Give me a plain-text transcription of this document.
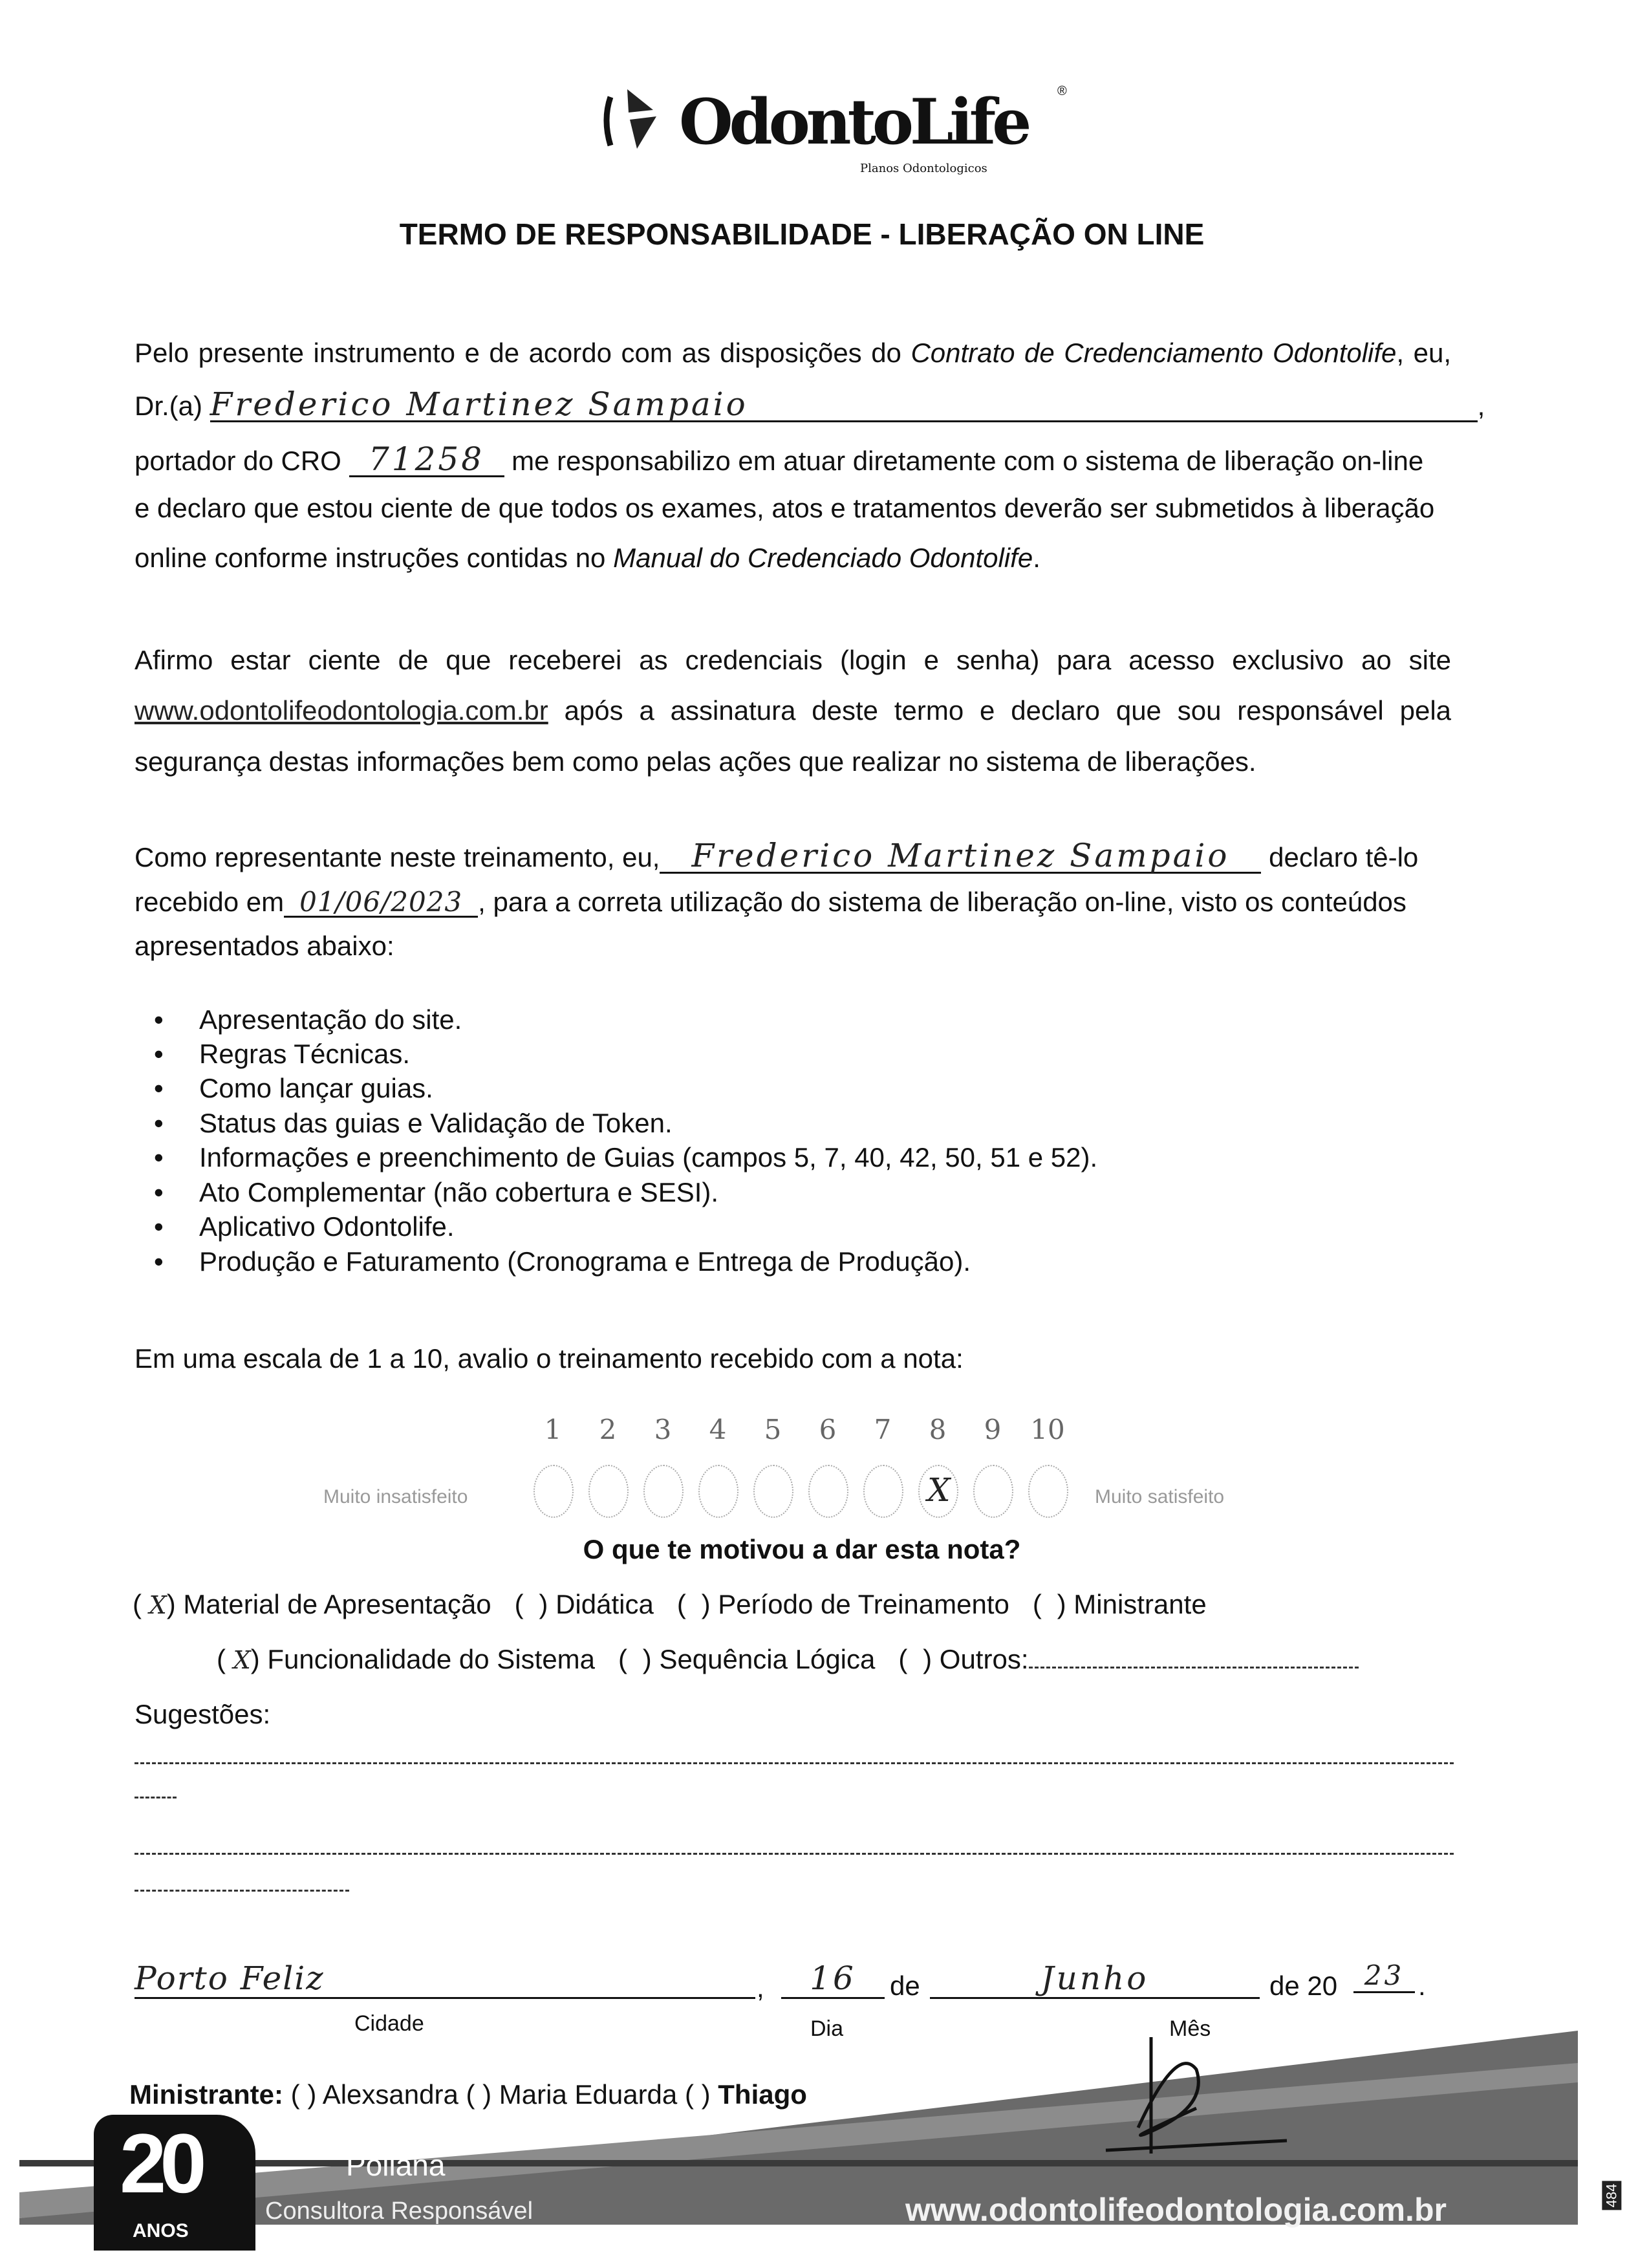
OdontoLife ®
Planos Odontologicos
TERMO DE RESPONSABILIDADE - LIBERAÇÃO ON LINE
Pelo presente instrumento e de acordo com as disposições do Contrato de Credenciamento Odontolife, eu,
Dr.(a) Frederico Martinez Sampaio	,
portador do CRO 71258 me responsabilizo em atuar diretamente com o sistema de liberação on-line
e declaro que estou ciente de que todos os exames, atos e tratamentos deverão ser submetidos à liberação
online conforme instruções contidas no Manual do Credenciado Odontolife.
Afirmo estar ciente de que receberei as credenciais (login e senha) para acesso exclusivo ao site
www.odontolifeodontologia.com.br após a assinatura deste termo e declaro que sou responsável pela
segurança destas informações bem como pelas ações que realizar no sistema de liberações.
Como representante neste treinamento, eu, Frederico Martinez Sampaio declaro tê-lo
recebido em 01/06/2023 , para a correta utilização do sistema de liberação on-line, visto os conteúdos
apresentados abaixo:
• Apresentação do site.
• Regras Técnicas.
• Como lançar guias.
• Status das guias e Validação de Token.
• Informações e preenchimento de Guias (campos 5, 7, 40, 42, 50, 51 e 52).
• Ato Complementar (não cobertura e SESI).
• Aplicativo Odontolife.
• Produção e Faturamento (Cronograma e Entrega de Produção).
Em uma escala de 1 a 10, avalio o treinamento recebido com a nota:
1	2	3	4	5	6	7	8	9	10
Muito insatisfeito	X	Muito satisfeito
O que te motivou a dar esta nota?
( X) Material de Apresentação (  ) Didática (  ) Período de Treinamento (  ) Ministrante
( X) Funcionalidade do Sistema (  ) Sequência Lógica (  ) Outros:
Sugestões:
Porto Feliz	,	16	de	Junho	de 20 23 .
Cidade	Dia	Mês
Ministrante: ( ) Alexsandra ( ) Maria Eduarda ( ) Thiago
20
ANOS
Poliana
Consultora Responsável	www.odontolifeodontologia.com.br	484
